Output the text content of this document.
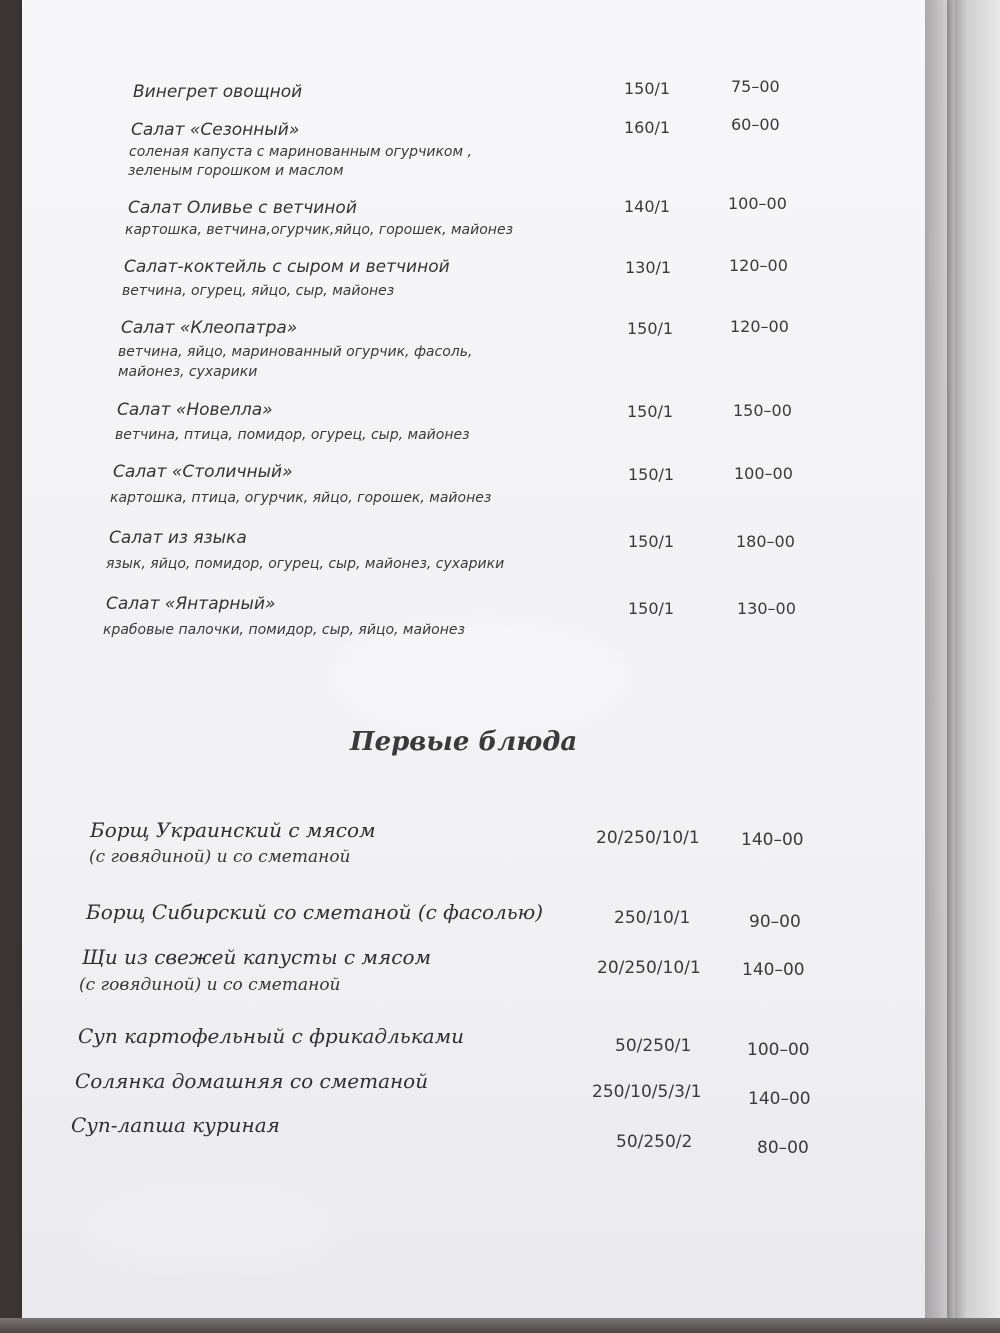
Винегрет овощной	150/1	75–00
Салат «Сезонный»
соленая капуста с маринованным огурчиком ,
зеленым горошком и маслом
160/1	60–00
Салат Оливье с ветчиной
картошка, ветчина,огурчик,яйцо, горошек, майонез
140/1	100–00
Салат-коктейль с сыром и ветчиной
ветчина, огурец, яйцо, сыр, майонез
130/1	120–00
Салат «Клеопатра»
ветчина, яйцо, маринованный огурчик, фасоль,
майонез, сухарики
150/1	120–00
Салат «Новелла»
ветчина, птица, помидор, огурец, сыр, майонез
150/1	150–00
Салат «Столичный»
картошка, птица, огурчик, яйцо, горошек, майонез
150/1	100–00
Салат из языка
язык, яйцо, помидор, огурец, сыр, майонез, сухарики
150/1	180–00
Салат «Янтарный»
крабовые палочки, помидор, сыр, яйцо, майонез
150/1	130–00
Первые блюда
Борщ Украинский с мясом
(с говядиной) и со сметаной
20/250/10/1 140–00
Борщ Сибирский со сметаной (с фасолью)	250/10/1	90–00
Щи из свежей капусты с мясом
(с говядиной) и со сметаной
20/250/10/1 140–00
Суп картофельный с фрикадльками	50/250/1	100–00
Солянка домашняя со сметаной	250/10/5/3/1	140–00
Суп-лапша куриная
50/250/2	80–00
